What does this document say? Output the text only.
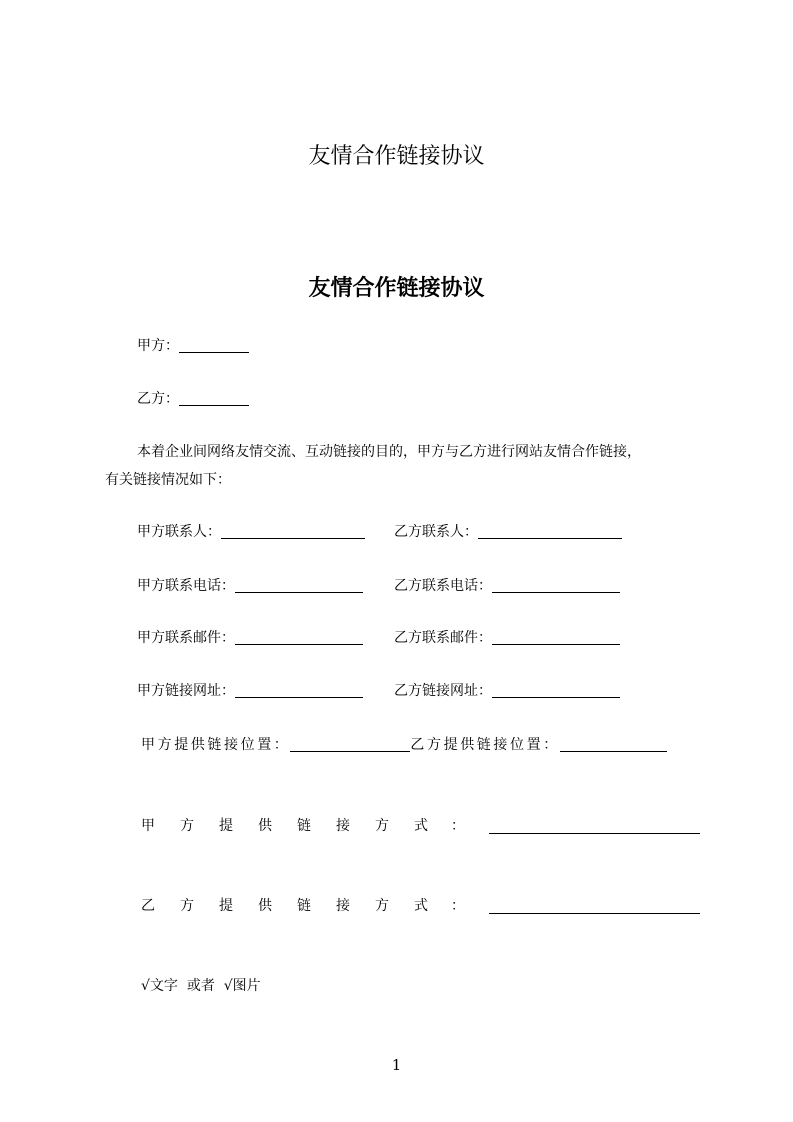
友情合作链接协议
友情合作链接协议
甲方：
乙方：
本着企业间网络友情交流、互动链接的目的，甲方与乙方进行网站友情合作链接，
有关链接情况如下：
甲方联系人：	乙方联系人：
甲方联系电话：	乙方联系电话：
甲方联系邮件：	乙方联系邮件：
甲方链接网址：	乙方链接网址：
甲方提供链接位置：	乙方提供链接位置：
甲 方 提 供 链 接 方 式 ：
乙 方 提 供 链 接 方 式 ：
√文字  或者  √图片
1
